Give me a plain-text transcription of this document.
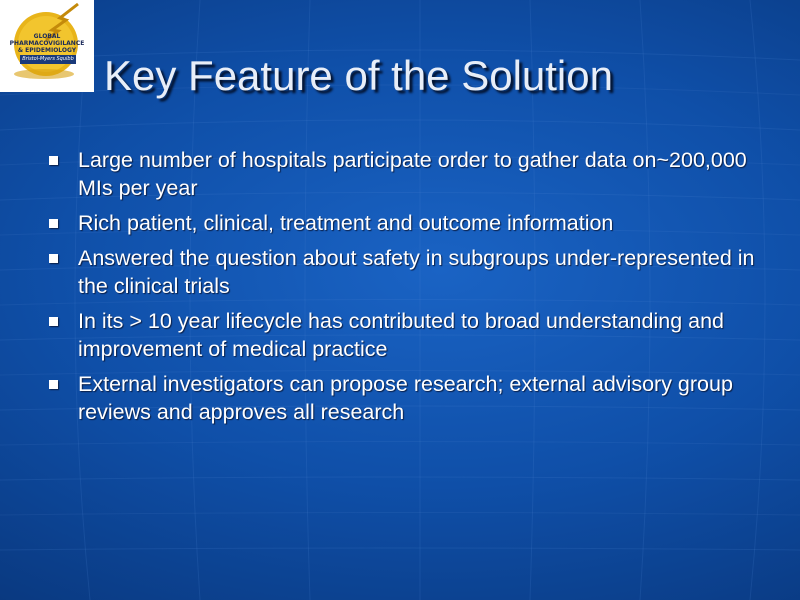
GLOBAL
PHARMACOVIGILANCE
& EPIDEMIOLOGY
Bristol-Myers Squibb Key Feature of the Solution
Large number of hospitals participate order to gather data on~200,000 MIs per year
Rich patient, clinical, treatment and outcome information
Answered the question about safety in subgroups under-represented in the clinical trials
In its > 10 year lifecycle has contributed to broad understanding and improvement of medical practice
External investigators can propose research; external advisory group reviews and approves all research
